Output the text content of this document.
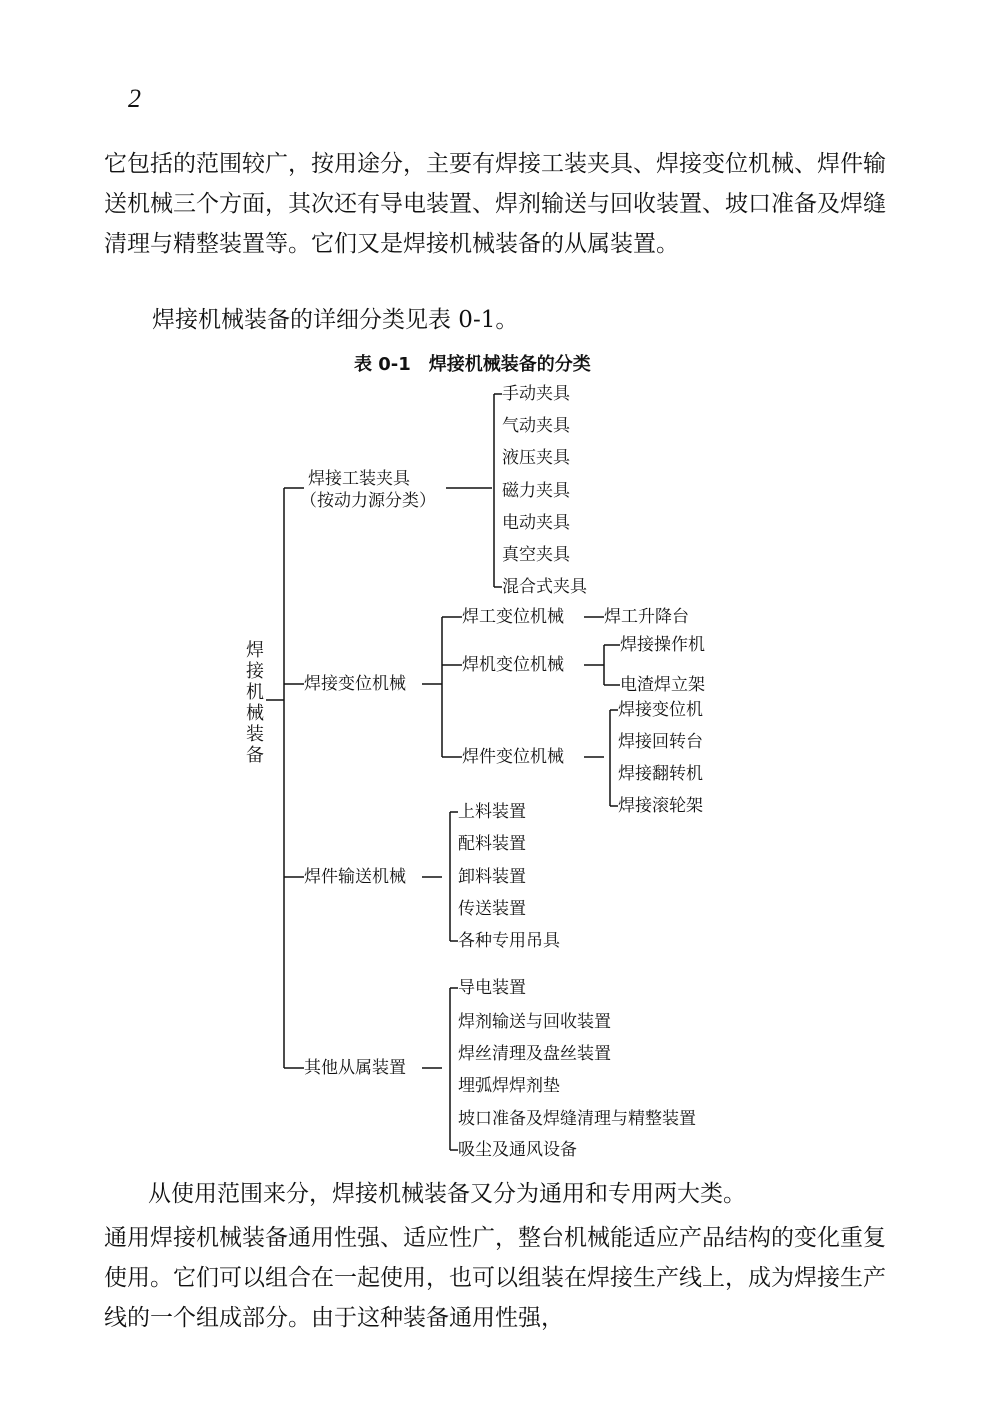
2

它包括的范围较广，按用途分，主要有焊接工装夹具、焊接变位机械、焊件输送机械三个方面，其次还有导电装置、焊剂输送与回收装置、坡口准备及焊缝清理与精整装置等。它们又是焊接机械装备的从属装置。

焊接机械装备的详细分类见表 0-1。

表 0-1　焊接机械装备的分类
焊接机械装备
焊接工装夹具
（按动力源分类）
手动夹具
气动夹具
液压夹具
磁力夹具
电动夹具
真空夹具
混合式夹具
焊接变位机械
焊工变位机械 焊工升降台
焊机变位机械
焊接操作机
电渣焊立架
焊件变位机械
焊接变位机
焊接回转台
焊接翻转机
焊接滚轮架
焊件输送机械
上料装置
配料装置
卸料装置
传送装置
各种专用吊具
其他从属装置
导电装置
焊剂输送与回收装置
焊丝清理及盘丝装置
埋弧焊焊剂垫
坡口准备及焊缝清理与精整装置
吸尘及通风设备

从使用范围来分，焊接机械装备又分为通用和专用两大类。

通用焊接机械装备通用性强、适应性广，整台机械能适应产品结构的变化重复使用。它们可以组合在一起使用，也可以组装在焊接生产线上，成为焊接生产线的一个组成部分。由于这种装备通用性强，
